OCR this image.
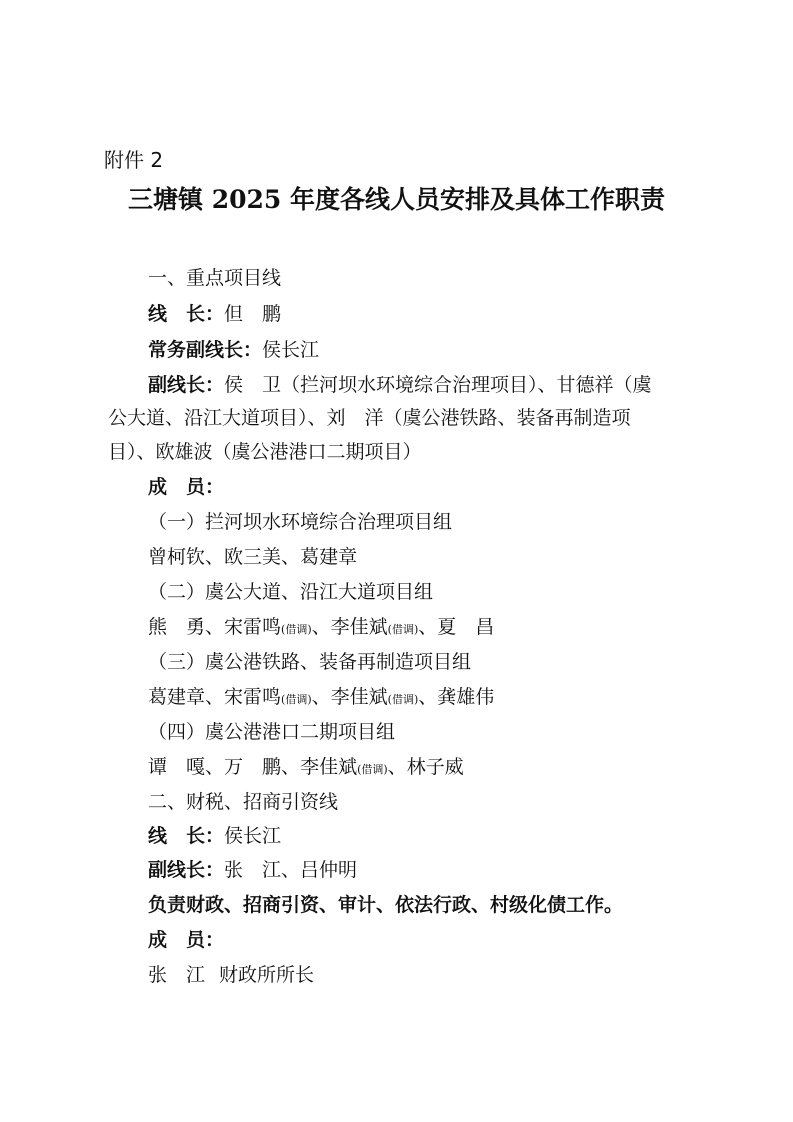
附件 2
三塘镇 2025 年度各线人员安排及具体工作职责
一、重点项目线
线　长：但　鹏
常务副线长：侯长江
副线长：侯　卫（拦河坝水环境综合治理项目）、甘德祥（虞
公大道、沿江大道项目）、刘　洋（虞公港铁路、装备再制造项
目）、欧雄波（虞公港港口二期项目）
成　员：
（一）拦河坝水环境综合治理项目组
曾柯钦、欧三美、葛建章
（二）虞公大道、沿江大道项目组
熊　勇、宋雷鸣(借调)、李佳斌(借调)、夏　昌
（三）虞公港铁路、装备再制造项目组
葛建章、宋雷鸣(借调)、李佳斌(借调)、龚雄伟
（四）虞公港港口二期项目组
谭　嘎、万　鹏、李佳斌(借调)、林子威
二、财税、招商引资线
线　长：侯长江
副线长：张　江、吕仲明
负责财政、招商引资、审计、依法行政、村级化债工作。
成　员：
张　江 财政所所长
